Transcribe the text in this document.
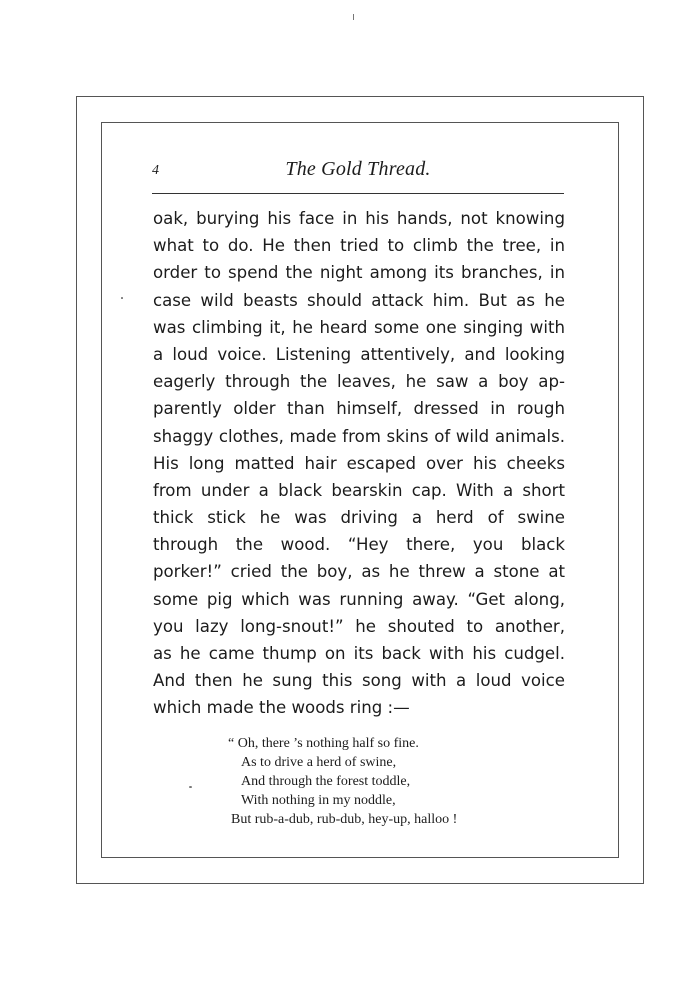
4	The Gold Thread.
oak, burying his face in his hands, not knowing
what to do. He then tried to climb the tree, in
order to spend the night among its branches, in
case wild beasts should attack him. But as he
was climbing it, he heard some one singing with
a loud voice. Listening attentively, and looking
eagerly through the leaves, he saw a boy ap-
parently older than himself, dressed in rough
shaggy clothes, made from skins of wild animals.
His long matted hair escaped over his cheeks
from under a black bearskin cap. With a short
thick stick he was driving a herd of swine
through the wood. “Hey there, you black
porker!” cried the boy, as he threw a stone at
some pig which was running away. “Get along,
you lazy long-snout!” he shouted to another,
as he came thump on its back with his cudgel.
And then he sung this song with a loud voice
which made the woods ring :—
“ Oh, there ’s nothing half so fine.
As to drive a herd of swine,
And through the forest toddle,
With nothing in my noddle,
But rub-a-dub, rub-dub, hey-up, halloo !
